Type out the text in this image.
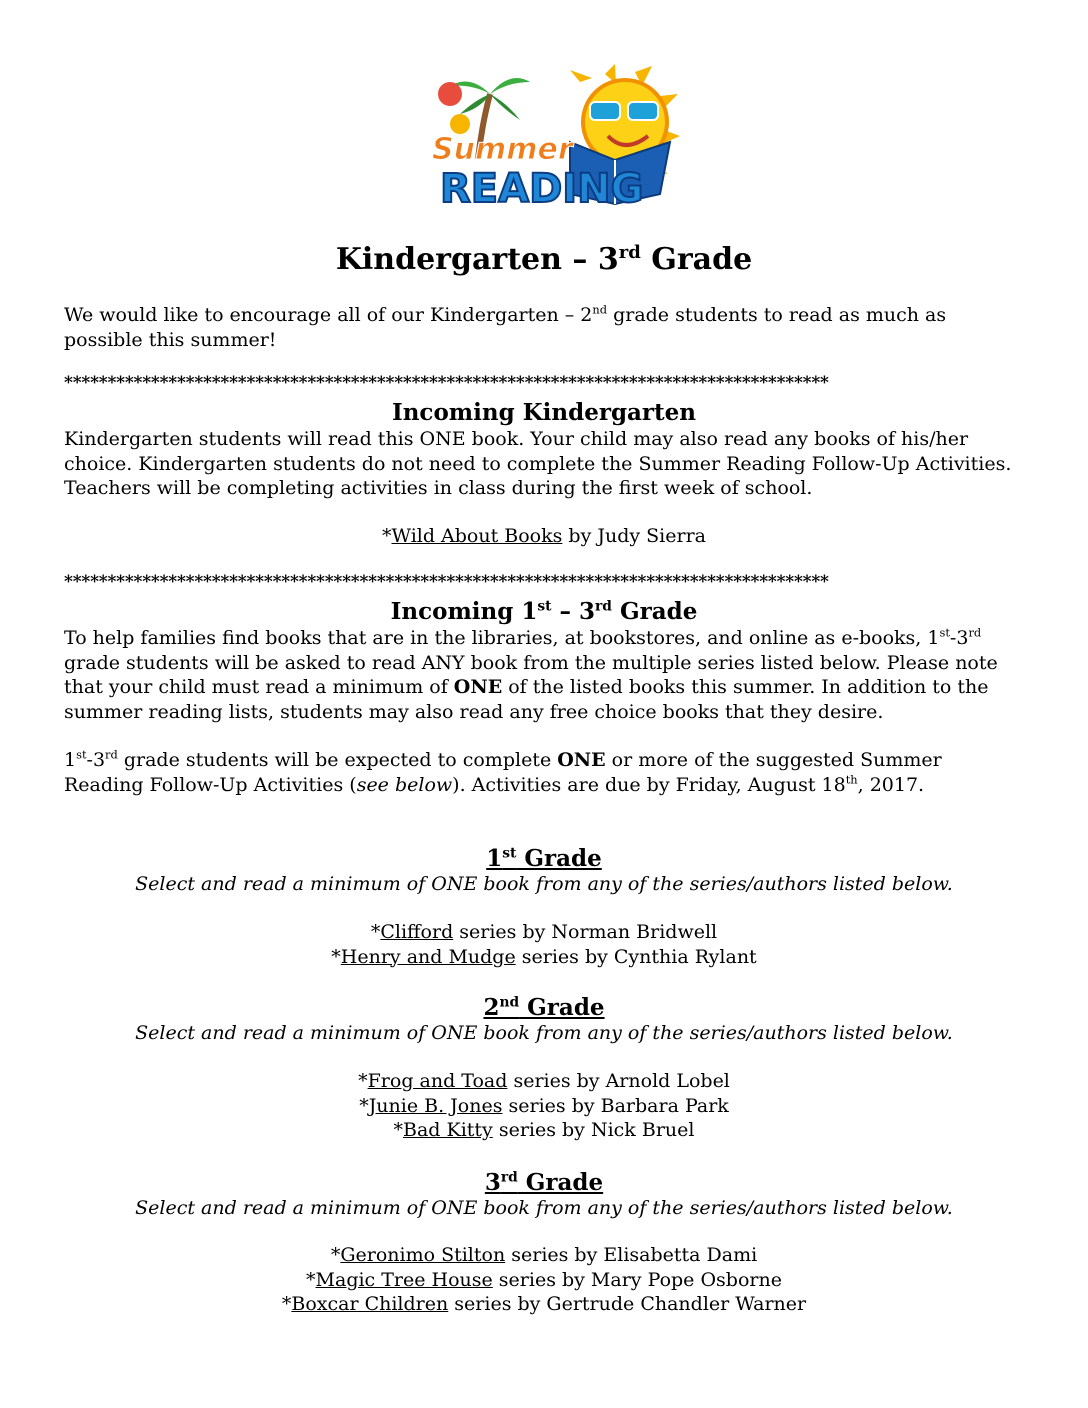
Summer
READING
Kindergarten – 3rd Grade

We would like to encourage all of our Kindergarten – 2nd grade students to read as much as possible this summer!

****************************************************************************************
Incoming Kindergarten

Kindergarten students will read this ONE book. Your child may also read any books of his/her choice. Kindergarten students do not need to complete the Summer Reading Follow-Up Activities. Teachers will be completing activities in class during the first week of school.

*Wild About Books by Judy Sierra

****************************************************************************************
Incoming 1st – 3rd Grade

To help families find books that are in the libraries, at bookstores, and online as e-books, 1st-3rd grade students will be asked to read ANY book from the multiple series listed below. Please note that your child must read a minimum of ONE of the listed books this summer. In addition to the summer reading lists, students may also read any free choice books that they desire.

1st-3rd grade students will be expected to complete ONE or more of the suggested Summer Reading Follow-Up Activities (see below). Activities are due by Friday, August 18th, 2017.

1st Grade

Select and read a minimum of ONE book from any of the series/authors listed below.

*Clifford series by Norman Bridwell
*Henry and Mudge series by Cynthia Rylant

2nd Grade

Select and read a minimum of ONE book from any of the series/authors listed below.

*Frog and Toad series by Arnold Lobel
*Junie B. Jones series by Barbara Park
*Bad Kitty series by Nick Bruel

3rd Grade

Select and read a minimum of ONE book from any of the series/authors listed below.

*Geronimo Stilton series by Elisabetta Dami
*Magic Tree House series by Mary Pope Osborne
*Boxcar Children series by Gertrude Chandler Warner
